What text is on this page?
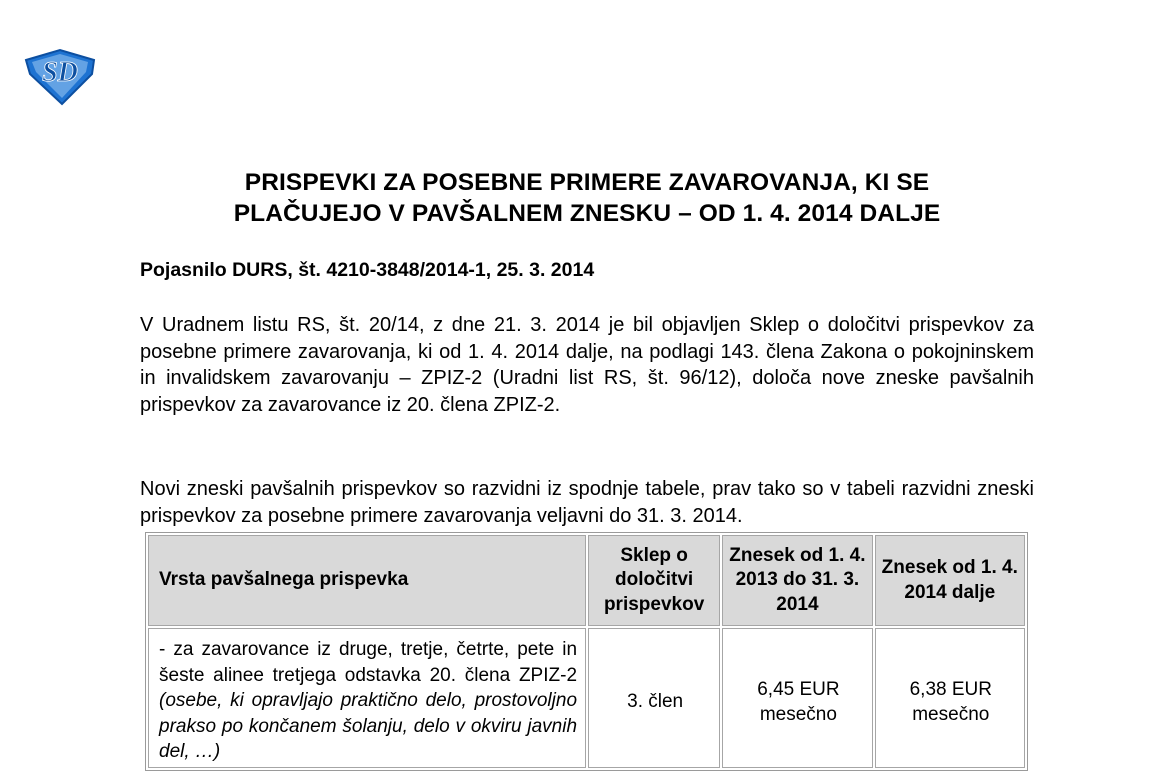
SD
PRISPEVKI ZA POSEBNE PRIMERE ZAVAROVANJA, KI SE
PLAČUJEJO V PAVŠALNEM ZNESKU – OD 1. 4. 2014 DALJE
Pojasnilo DURS, št. 4210-3848/2014-1, 25. 3. 2014
V Uradnem listu RS, št. 20/14, z dne 21. 3. 2014 je bil objavljen Sklep o določitvi prispevkov za posebne primere zavarovanja, ki od 1. 4. 2014 dalje, na podlagi 143. člena Zakona o pokojninskem in invalidskem zavarovanju – ZPIZ-2 (Uradni list RS, št. 96/12), določa nove zneske pavšalnih prispevkov za zavarovance iz 20. člena ZPIZ-2.
Novi zneski pavšalnih prispevkov so razvidni iz spodnje tabele, prav tako so v tabeli razvidni zneski prispevkov za posebne primere zavarovanja veljavni do 31. 3. 2014.
Vrsta pavšalnega prispevka	Sklep o določitvi prispevkov	Znesek od 1. 4. 2013 do 31. 3. 2014	Znesek od 1. 4. 2014 dalje
- za zavarovance iz druge, tretje, četrte, pete in šeste alinee tretjega odstavka 20. člena ZPIZ-2 (osebe, ki opravljajo praktično delo, prostovoljno prakso po končanem šolanju, delo v okviru javnih del, …)	3. člen	6,45 EUR mesečno	6,38 EUR mesečno
